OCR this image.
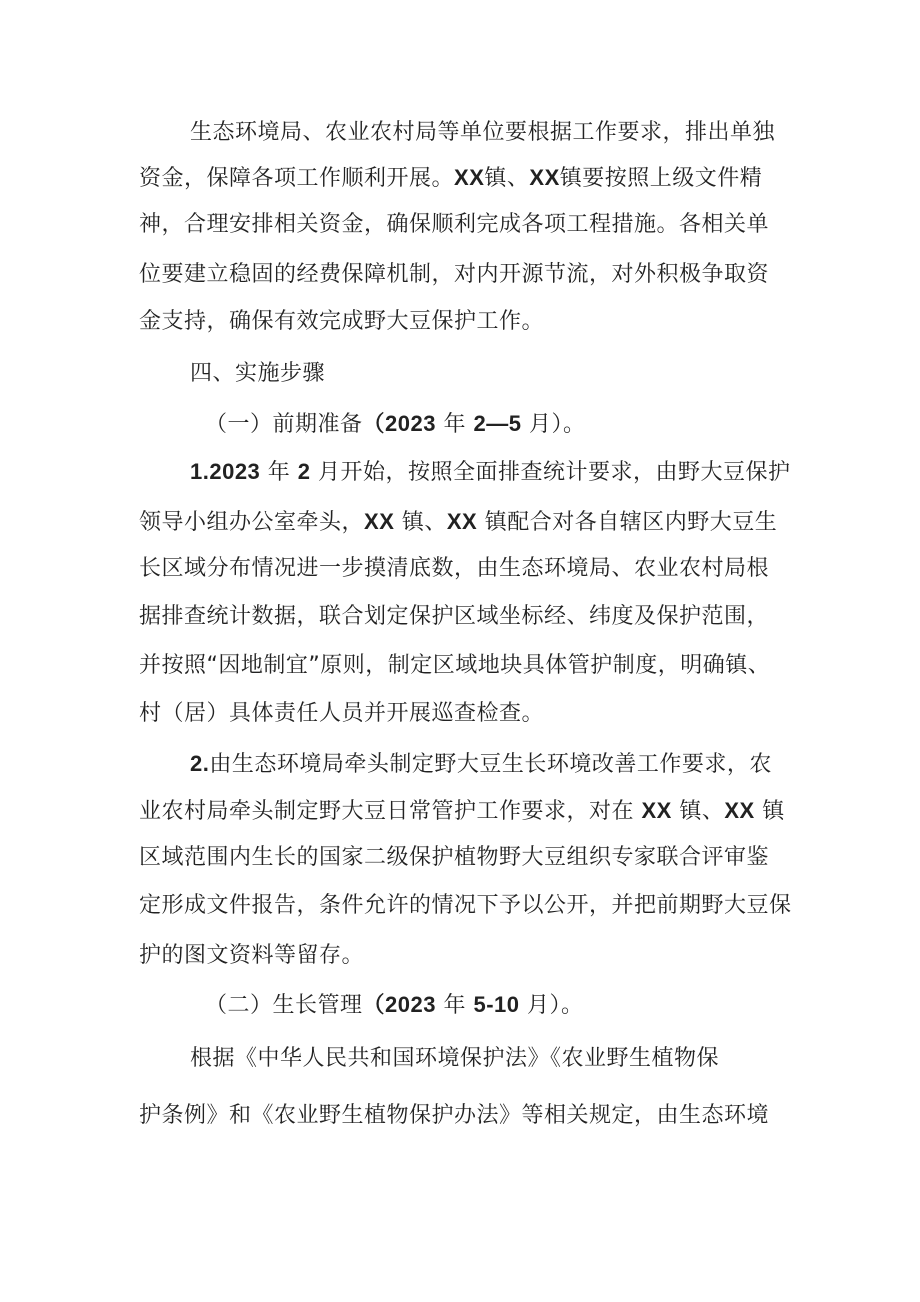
生态环境局、农业农村局等单位要根据工作要求，排出单独
资金，保障各项工作顺利开展。XX镇、XX镇要按照上级文件精
神，合理安排相关资金，确保顺利完成各项工程措施。各相关单
位要建立稳固的经费保障机制，对内开源节流，对外积极争取资
金支持，确保有效完成野大豆保护工作。
四、实施步骤
（一）前期准备（2023 年 2—5 月）。
1.2023 年 2 月开始，按照全面排查统计要求，由野大豆保护
领导小组办公室牵头，XX 镇、XX 镇配合对各自辖区内野大豆生
长区域分布情况进一步摸清底数，由生态环境局、农业农村局根
据排查统计数据，联合划定保护区域坐标经、纬度及保护范围，
并按照“因地制宜”原则，制定区域地块具体管护制度，明确镇、
村（居）具体责任人员并开展巡查检查。
2.由生态环境局牵头制定野大豆生长环境改善工作要求，农
业农村局牵头制定野大豆日常管护工作要求，对在 XX 镇、XX 镇
区域范围内生长的国家二级保护植物野大豆组织专家联合评审鉴
定形成文件报告，条件允许的情况下予以公开，并把前期野大豆保
护的图文资料等留存。
（二）生长管理（2023 年 5-10 月）。
根据《中华人民共和国环境保护法》《农业野生植物保
护条例》和《农业野生植物保护办法》等相关规定，由生态环境
